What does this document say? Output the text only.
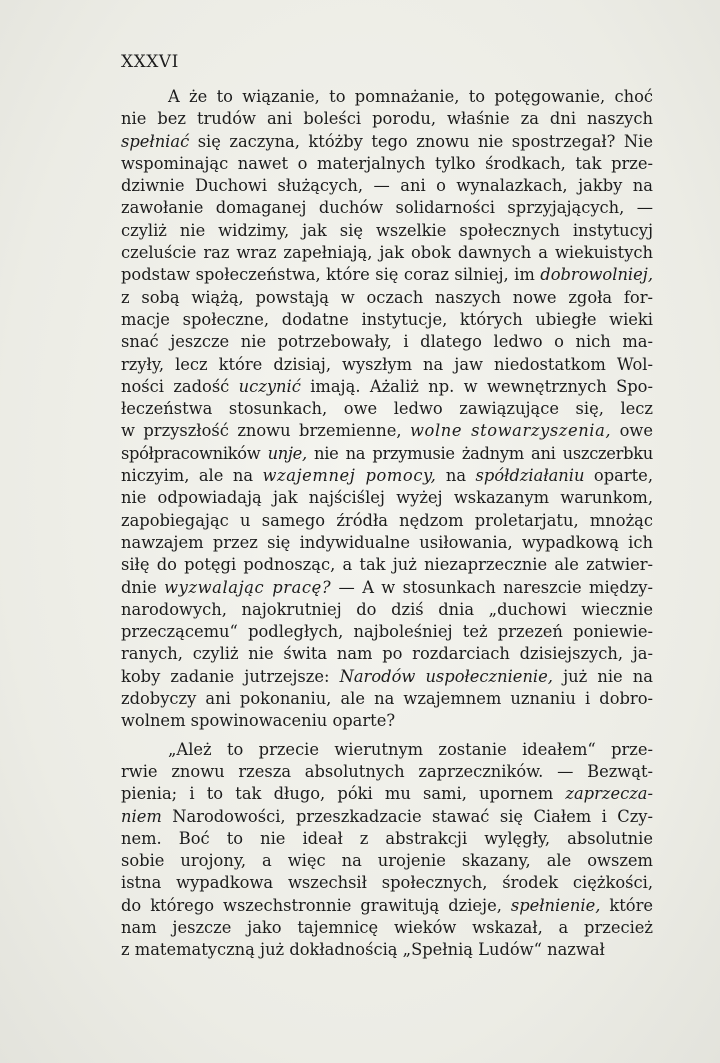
XXXVI
A że to wiązanie, to pomnażanie, to potęgowanie, choć
nie bez trudów ani boleści porodu, właśnie za dni naszych
spełniać się zaczyna, któżby tego znowu nie spostrzegał? Nie
wspominając nawet o materjalnych tylko środkach, tak prze-
dziwnie Duchowi służących, — ani o wynalazkach, jakby na
zawołanie domaganej duchów solidarności sprzyjających, —
czyliż nie widzimy, jak się wszelkie społecznych instytucyj
czeluście raz wraz zapełniają, jak obok dawnych a wiekuistych
podstaw społeczeństwa, które się coraz silniej, im dobrowolniej,
z sobą wiążą, powstają w oczach naszych nowe zgoła for-
macje społeczne, dodatne instytucje, których ubiegłe wieki
snać jeszcze nie potrzebowały, i dlatego ledwo o nich ma-
rzyły, lecz które dzisiaj, wyszłym na jaw niedostatkom Wol-
ności zadość uczynić imają. Ażaliż np. w wewnętrznych Spo-
łeczeństwa stosunkach, owe ledwo zawiązujące się, lecz
w przyszłość znowu brzemienne, wolne stowarzyszenia, owe
spółpracowników unje, nie na przymusie żadnym ani uszczerbku
niczyim, ale na wzajemnej pomocy, na spółdziałaniu oparte,
nie odpowiadają jak najściślej wyżej wskazanym warunkom,
zapobiegając u samego źródła nędzom proletarjatu, mnożąc
nawzajem przez się indywidualne usiłowania, wypadkową ich
siłę do potęgi podnosząc, a tak już niezaprzecznie ale zatwier-
dnie wyzwalając pracę? — A w stosunkach nareszcie między-
narodowych, najokrutniej do dziś dnia „duchowi wiecznie
przeczącemu“ podległych, najboleśniej też przezeń poniewie-
ranych, czyliż nie świta nam po rozdarciach dzisiejszych, ja-
koby zadanie jutrzejsze: Narodów uspołecznienie, już nie na
zdobyczy ani pokonaniu, ale na wzajemnem uznaniu i dobro-
wolnem spowinowaceniu oparte?
„Ależ to przecie wierutnym zostanie ideałem“ prze-
rwie znowu rzesza absolutnych zaprzeczników. — Bezwąt-
pienia; i to tak długo, póki mu sami, upornem zaprzecza-
niem Narodowości, przeszkadzacie stawać się Ciałem i Czy-
nem. Boć to nie ideał z abstrakcji wylęgły, absolutnie
sobie urojony, a więc na urojenie skazany, ale owszem
istna wypadkowa wszechsił społecznych, środek ciężkości,
do którego wszechstronnie grawitują dzieje, spełnienie, które
nam jeszcze jako tajemnicę wieków wskazał, a przecież
z matematyczną już dokładnością „Spełnią Ludów“ nazwał
